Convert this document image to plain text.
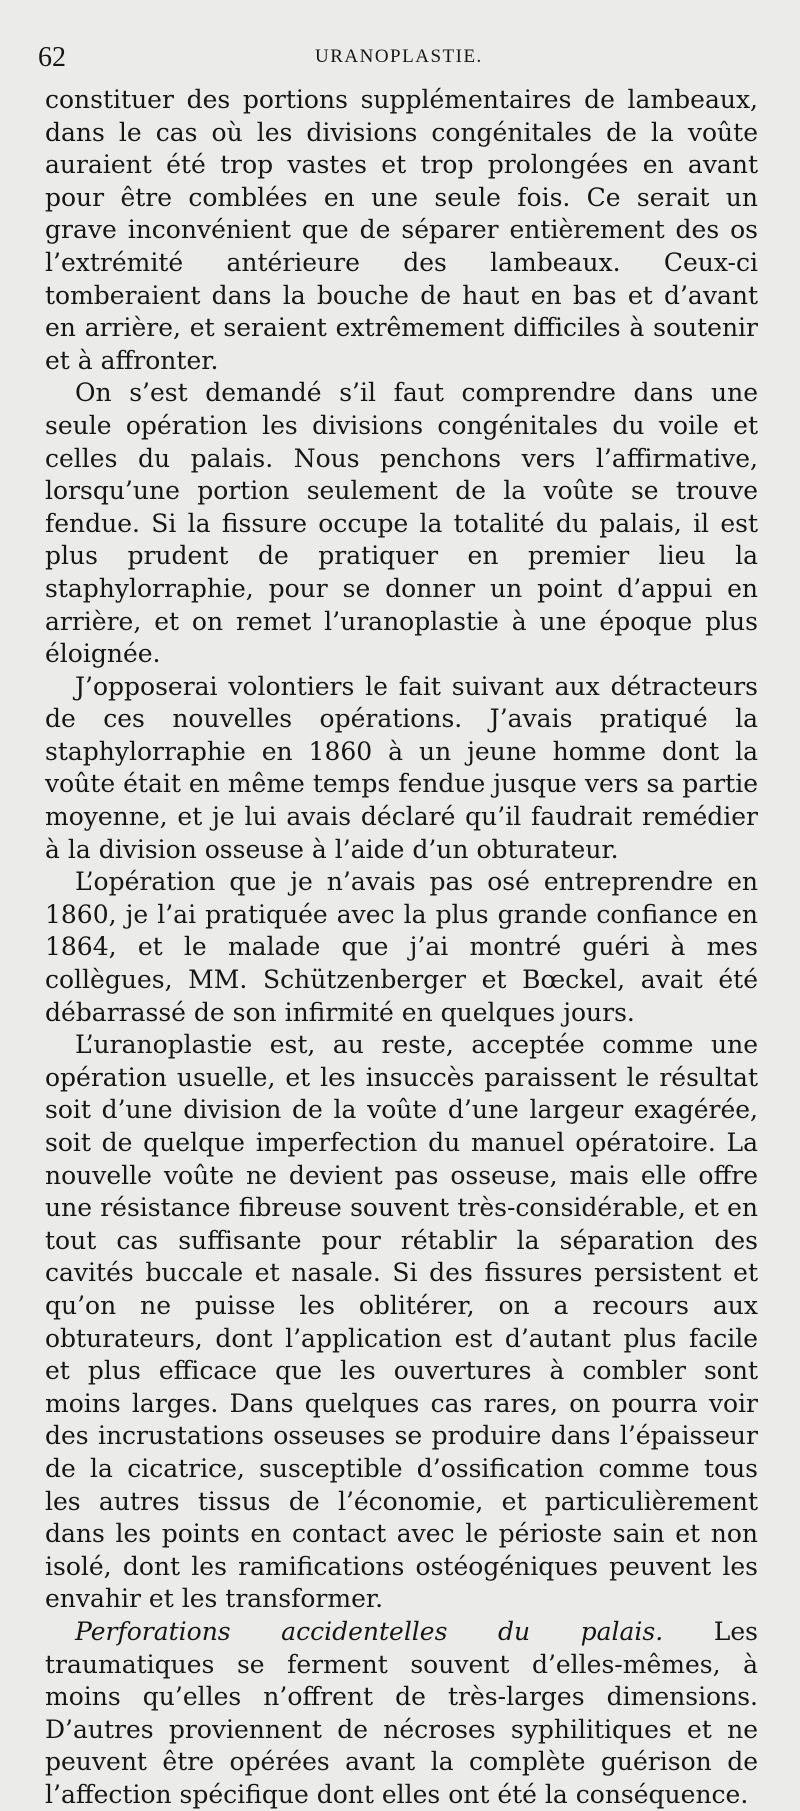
62	URANOPLASTIE.

constituer des portions supplémentaires de lambeaux, dans le cas où les divisions congénitales de la voûte auraient été trop vastes et trop prolongées en avant pour être comblées en une seule fois. Ce serait un grave inconvénient que de séparer entièrement des os l’extrémité antérieure des lambeaux. Ceux-ci tomberaient dans la bouche de haut en bas et d’avant en arrière, et seraient extrêmement difficiles à soutenir et à affronter.

On s’est demandé s’il faut comprendre dans une seule opération les divisions congénitales du voile et celles du palais. Nous penchons vers l’affirmative, lorsqu’une portion seulement de la voûte se trouve fendue. Si la fissure occupe la totalité du palais, il est plus prudent de pratiquer en premier lieu la staphylorraphie, pour se donner un point d’appui en arrière, et on remet l’uranoplastie à une époque plus éloignée.

J’opposerai volontiers le fait suivant aux détracteurs de ces nouvelles opérations. J’avais pratiqué la staphylorraphie en 1860 à un jeune homme dont la voûte était en même temps fendue jusque vers sa partie moyenne, et je lui avais déclaré qu’il faudrait remédier à la division osseuse à l’aide d’un obturateur.

L’opération que je n’avais pas osé entreprendre en 1860, je l’ai pratiquée avec la plus grande confiance en 1864, et le malade que j’ai montré guéri à mes collègues, MM. Schützenberger et Bœckel, avait été débarrassé de son infirmité en quelques jours.

L’uranoplastie est, au reste, acceptée comme une opération usuelle, et les insuccès paraissent le résultat soit d’une division de la voûte d’une largeur exagérée, soit de quelque imperfection du manuel opératoire. La nouvelle voûte ne devient pas osseuse, mais elle offre une résistance fibreuse souvent très-considérable, et en tout cas suffisante pour rétablir la séparation des cavités buccale et nasale. Si des fissures persistent et qu’on ne puisse les oblitérer, on a recours aux obturateurs, dont l’application est d’autant plus facile et plus efficace que les ouvertures à combler sont moins larges. Dans quelques cas rares, on pourra voir des incrustations osseuses se produire dans l’épaisseur de la cicatrice, susceptible d’ossification comme tous les autres tissus de l’économie, et particulièrement dans les points en contact avec le périoste sain et non isolé, dont les ramifications ostéogéniques peuvent les envahir et les transformer.

Perforations accidentelles du palais. Les traumatiques se ferment souvent d’elles-mêmes, à moins qu’elles n’offrent de très-larges dimensions. D’autres proviennent de nécroses syphilitiques et ne peuvent être opérées avant la complète guérison de l’affection spécifique dont elles ont été la conséquence.
